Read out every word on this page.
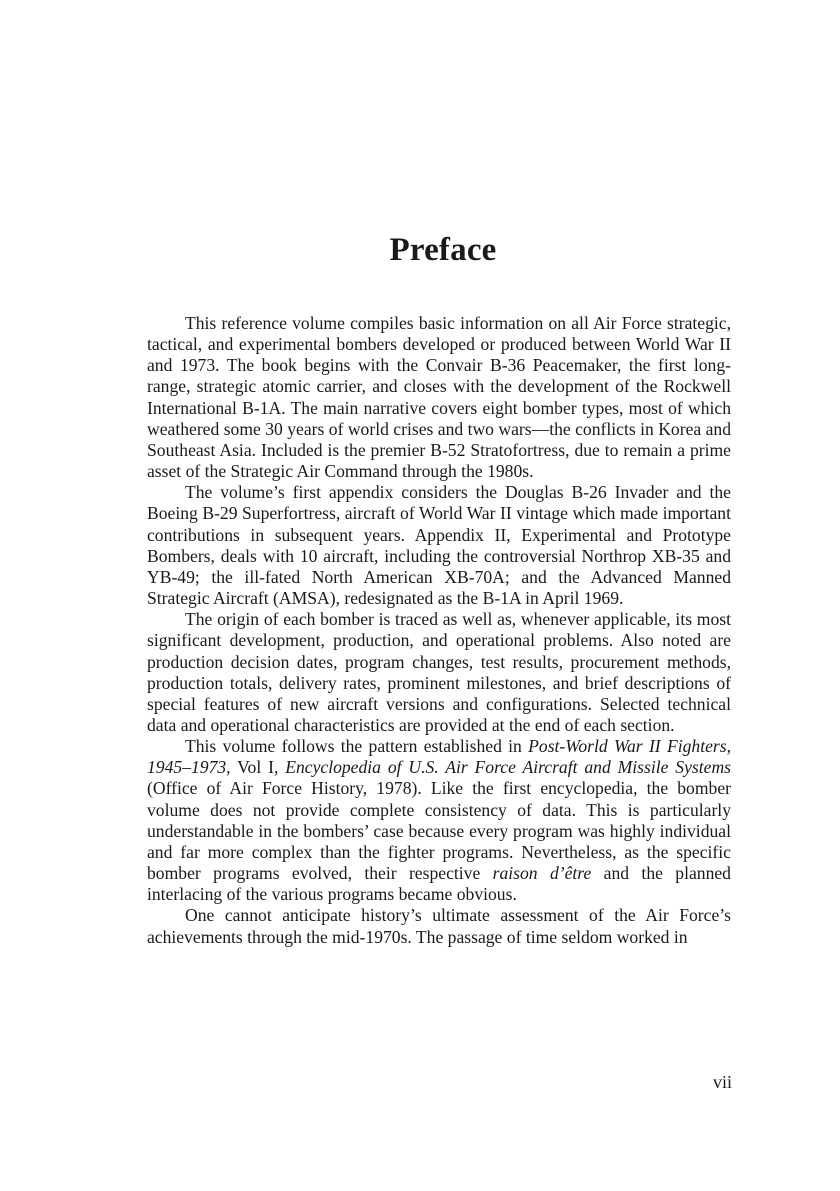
Preface

This reference volume compiles basic information on all Air Force strategic, tactical, and experimental bombers developed or produced between World War II and 1973. The book begins with the Convair B-36 Peacemaker, the first long-range, strategic atomic carrier, and closes with the development of the Rockwell International B-1A. The main narrative covers eight bomber types, most of which weathered some 30 years of world crises and two wars—the conflicts in Korea and Southeast Asia. Included is the premier B-52 Stratofortress, due to remain a prime asset of the Strategic Air Command through the 1980s.

The volume’s first appendix considers the Douglas B-26 Invader and the Boeing B-29 Superfortress, aircraft of World War II vintage which made important contributions in subsequent years. Appendix II, Experimental and Prototype Bombers, deals with 10 aircraft, including the controversial Northrop XB-35 and YB-49; the ill-fated North American XB-70A; and the Advanced Manned Strategic Aircraft (AMSA), redesignated as the B-1A in April 1969.

The origin of each bomber is traced as well as, whenever applicable, its most significant development, production, and operational problems. Also noted are production decision dates, program changes, test results, procurement methods, production totals, delivery rates, prominent milestones, and brief descriptions of special features of new aircraft versions and configurations. Selected technical data and operational characteristics are provided at the end of each section.

This volume follows the pattern established in Post-World War II Fighters, 1945–1973, Vol I, Encyclopedia of U.S. Air Force Aircraft and Missile Systems (Office of Air Force History, 1978). Like the first encyclopedia, the bomber volume does not provide complete consistency of data. This is particularly understandable in the bombers’ case because every program was highly individual and far more complex than the fighter programs. Nevertheless, as the specific bomber programs evolved, their respective raison d’être and the planned interlacing of the various programs became obvious.

One cannot anticipate history’s ultimate assessment of the Air Force’s achievements through the mid-1970s. The passage of time seldom worked in

vii
